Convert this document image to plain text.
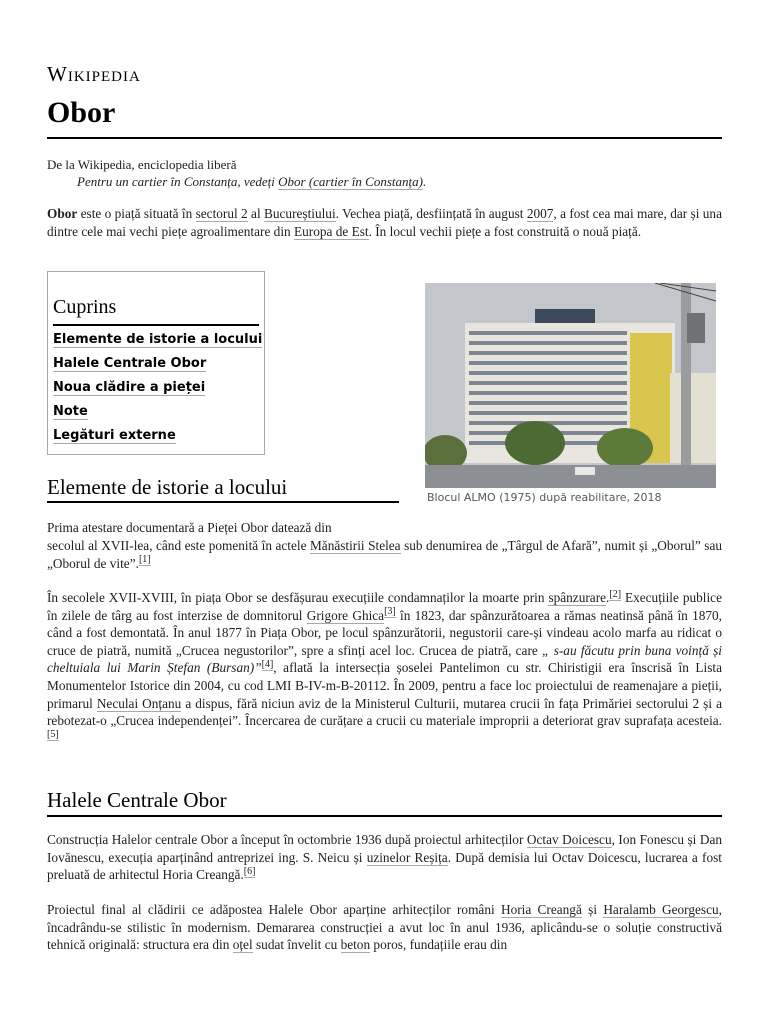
Wikipedia
Obor
De la Wikipedia, enciclopedia liberă
Pentru un cartier în Constanța, vedeți Obor (cartier în Constanța).
Obor este o piață situată în sectorul 2 al Bucureștiului. Vechea piață, desființată în august 2007, a fost cea mai mare, dar și una dintre cele mai vechi piețe agroalimentare din Europa de Est. În locul vechii piețe a fost construită o nouă piață.
Cuprins
Elemente de istorie a locului
Halele Centrale Obor
Noua clădire a pieței
Note
Legături externe
Blocul ALMO (1975) după reabilitare, 2018
Elemente de istorie a locului
Prima atestare documentară a Pieței Obor datează din
secolul al XVII-lea, când este pomenită în actele Mănăstirii Stelea sub denumirea de „Târgul de Afară”, numit și „Oborul” sau „Oborul de vite”.[1]
În secolele XVII-XVIII, în piața Obor se desfășurau execuțiile condamnaților la moarte prin spânzurare.[2] Execuțiile publice în zilele de târg au fost interzise de domnitorul Grigore Ghica[3] în 1823, dar spânzurătoarea a rămas neatinsă până în 1870, când a fost demontată. În anul 1877 în Piața Obor, pe locul spânzurătorii, negustorii care-și vindeau acolo marfa au ridicat o cruce de piatră, numită „Crucea negustorilor”, spre a sfinți acel loc. Crucea de piatră, care „ s-au făcutu prin buna voință și cheltuiala lui Marin Ștefan (Bursan)”[4], aflată la intersecția șoselei Pantelimon cu str. Chiristigii era înscrisă în Lista Monumentelor Istorice din 2004, cu cod LMI B-IV-m-B-20112. În 2009, pentru a face loc proiectului de reamenajare a pieții, primarul Neculai Onțanu a dispus, fără niciun aviz de la Ministerul Culturii, mutarea crucii în fața Primăriei sectorului 2 și a rebotezat-o „Crucea independenței”. Încercarea de curățare a crucii cu materiale improprii a deteriorat grav suprafața acesteia.[5]
Halele Centrale Obor
Construcția Halelor centrale Obor a început în octombrie 1936 după proiectul arhitecților Octav Doicescu, Ion Fonescu și Dan Iovănescu, execuția aparținând antreprizei ing. S. Neicu și uzinelor Reșița. După demisia lui Octav Doicescu, lucrarea a fost preluată de arhitectul Horia Creangă.[6]
Proiectul final al clădirii ce adăpostea Halele Obor aparține arhitecților români Horia Creangă și Haralamb Georgescu, încadrându-se stilistic în modernism. Demararea construcției a avut loc în anul 1936, aplicându-se o soluție constructivă tehnică originală: structura era din oțel sudat învelit cu beton poros, fundațiile erau din
